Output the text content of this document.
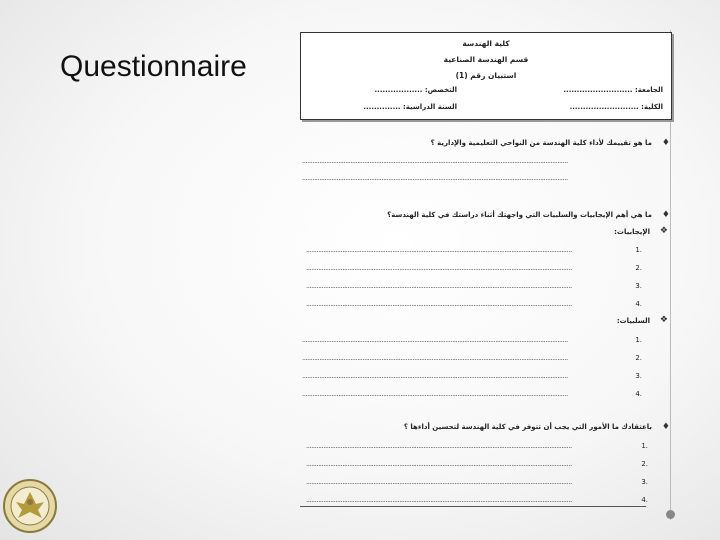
Questionnaire
كلية الهندسة
قسم الهندسة الصناعية
استبيان رقم (1)
الجامعة: ..........................
التخصص: ..................
الكلية: ..........................
السنة الدراسية: ..............
♦
ما هو تقييمك لأداء كلية الهندسة من النواحي التعليمية والإدارية ؟
..........................................................................................................................................................
..........................................................................................................................................................
♦
ما هي أهم الإيجابيات والسلبيات التي واجهتك أثناء دراستك في كلية الهندسة؟
❖
الإيجابيات:
1.
..........................................................................................................................................................
2.
..........................................................................................................................................................
3.
..........................................................................................................................................................
4.
..........................................................................................................................................................
❖
السلبيات:
1.
..........................................................................................................................................................
2.
..........................................................................................................................................................
3.
..........................................................................................................................................................
4.
..........................................................................................................................................................
♦
باعتقادك ما الأمور التي يجب أن تتوفر في كلية الهندسة لتحسين أداءها ؟
1.
..........................................................................................................................................................
2.
..........................................................................................................................................................
3.
..........................................................................................................................................................
4.
..........................................................................................................................................................
